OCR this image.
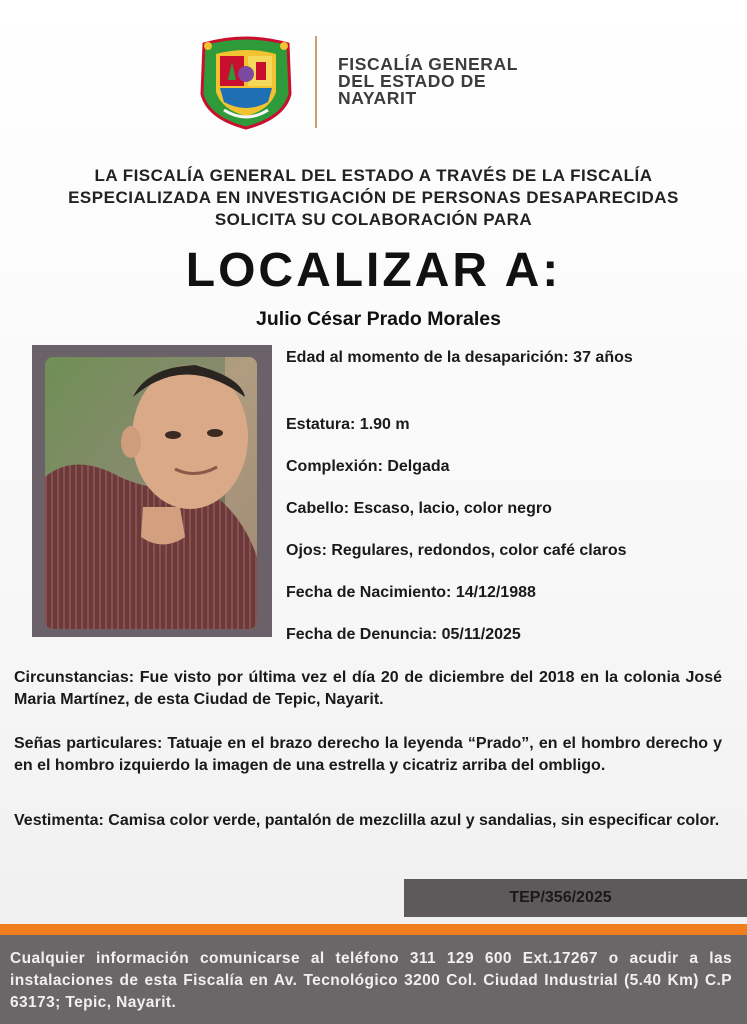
FISCALÍA GENERAL
DEL ESTADO DE
NAYARIT
LA FISCALÍA GENERAL DEL ESTADO A TRAVÉS DE LA FISCALÍA
ESPECIALIZADA EN INVESTIGACIÓN DE PERSONAS DESAPARECIDAS
SOLICITA SU COLABORACIÓN PARA
LOCALIZAR A:
Julio César Prado Morales
Edad al momento de la desaparición: 37 años
Estatura: 1.90 m
Complexión: Delgada
Cabello: Escaso, lacio, color negro
Ojos: Regulares, redondos, color café claros
Fecha de Nacimiento: 14/12/1988
Fecha de Denuncia: 05/11/2025
Circunstancias: Fue visto por última vez el día 20 de diciembre del 2018 en la colonia José Maria Martínez, de esta Ciudad de Tepic, Nayarit.
Señas particulares: Tatuaje en el brazo derecho la leyenda “Prado”, en el hombro derecho y en el hombro izquierdo la imagen de una estrella y cicatriz arriba del ombligo.
Vestimenta: Camisa color verde, pantalón de mezclilla azul y sandalias, sin especificar color.
TEP/356/2025
Cualquier información comunicarse al teléfono 311 129 600 Ext.17267 o acudir a las instalaciones de esta Fiscalía en Av. Tecnológico 3200 Col. Ciudad Industrial (5.40 Km) C.P 63173; Tepic, Nayarit.
